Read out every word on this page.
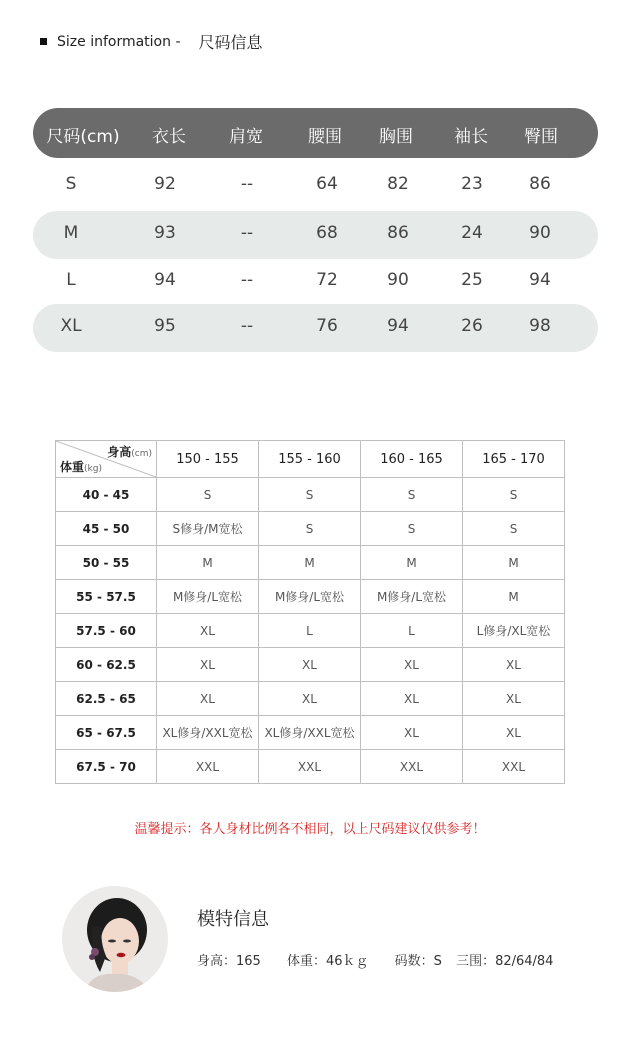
Size information - 尺码信息
尺码(cm) 衣长	肩宽	腰围 胸围 袖长 臀围
S	92	--	64	82	23	86
M	93	--	68	86	24	90
L	94	--	72	90	25	94
XL	95	--	76	94	26	98
身高(cm)
体重(kg)	150 - 155	155 - 160	160 - 165	165 - 170
40 - 45	S	S	S	S
45 - 50	S修身/M宽松	S	S	S
50 - 55	M	M	M	M
55 - 57.5	M修身/L宽松	M修身/L宽松	M修身/L宽松	M
57.5 - 60	XL	L	L	L修身/XL宽松
60 - 62.5	XL	XL	XL	XL
62.5 - 65	XL	XL	XL	XL
65 - 67.5	XL修身/XXL宽松	XL修身/XXL宽松	XL	XL
67.5 - 70	XXL	XXL	XXL	XXL
温馨提示：各人身材比例各不相同，以上尺码建议仅供参考！
模特信息
身高：165 体重：46ｋｇ 码数：S 三围：82/64/84
